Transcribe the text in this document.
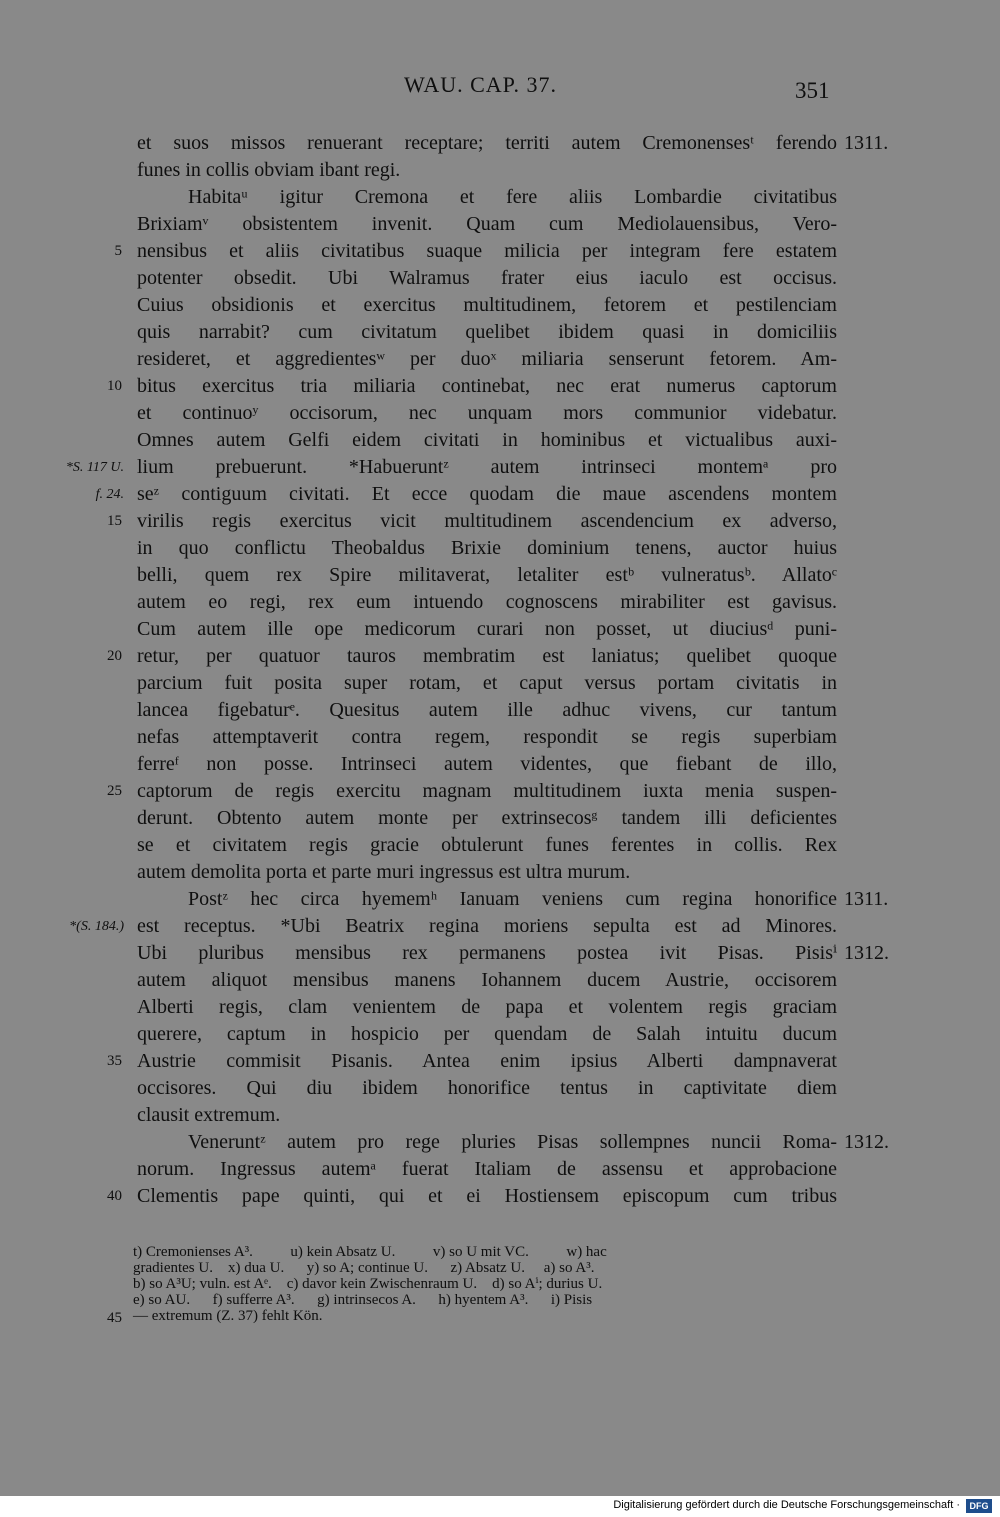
WAU. CAP. 37.	351
et suos missos renuerant receptare; territi autem Cremonensesᵗ ferendo
funes in collis obviam ibant regi.
Habitaᵘ igitur Cremona et fere aliis Lombardie civitatibus
Brixiamᵛ obsistentem invenit. Quam cum Mediolauensibus, Vero-
nensibus et aliis civitatibus suaque milicia per integram fere estatem
potenter obsedit. Ubi Walramus frater eius iaculo est occisus.
Cuius obsidionis et exercitus multitudinem, fetorem et pestilenciam
quis narrabit? cum civitatum quelibet ibidem quasi in domiciliis
resideret, et aggredientesʷ per duoˣ miliaria senserunt fetorem. Am-
bitus exercitus tria miliaria continebat, nec erat numerus captorum
et continuoʸ occisorum, nec unquam mors communior videbatur.
Omnes autem Gelfi eidem civitati in hominibus et victualibus auxi-
lium prebuerunt. *Habueruntᶻ autem intrinseci montemᵃ pro
seᶻ contiguum civitati. Et ecce quodam die maue ascendens montem
virilis regis exercitus vicit multitudinem ascendencium ex adverso,
in quo conflictu Theobaldus Brixie dominium tenens, auctor huius
belli, quem rex Spire militaverat, letaliter estᵇ vulneratusᵇ. Allatoᶜ
autem eo regi, rex eum intuendo cognoscens mirabiliter est gavisus.
Cum autem ille ope medicorum curari non posset, ut diuciusᵈ puni-
retur, per quatuor tauros membratim est laniatus; quelibet quoque
parcium fuit posita super rotam, et caput versus portam civitatis in
lancea figebaturᵉ. Quesitus autem ille adhuc vivens, cur tantum
nefas attemptaverit contra regem, respondit se regis superbiam
ferreᶠ non posse. Intrinseci autem videntes, que fiebant de illo,
captorum de regis exercitu magnam multitudinem iuxta menia suspen-
derunt. Obtento autem monte per extrinsecosᵍ tandem illi deficientes
se et civitatem regis gracie obtulerunt funes ferentes in collis. Rex
autem demolita porta et parte muri ingressus est ultra murum.
Postᶻ hec circa hyememʰ Ianuam veniens cum regina honorifice
est receptus. *Ubi Beatrix regina moriens sepulta est ad Minores.
Ubi pluribus mensibus rex permanens postea ivit Pisas. Pisisⁱ
autem aliquot mensibus manens Iohannem ducem Austrie, occisorem
Alberti regis, clam venientem de papa et volentem regis graciam
querere, captum in hospicio per quendam de Salah intuitu ducum
Austrie commisit Pisanis. Antea enim ipsius Alberti dampnaverat
occisores. Qui diu ibidem honorifice tentus in captivitate diem
clausit extremum.
Veneruntᶻ autem pro rege pluries Pisas sollempnes nuncii Roma-
norum. Ingressus autemᵃ fuerat Italiam de assensu et approbacione
Clementis pape quinti, qui et ei Hostiensem episcopum cum tribus
5
10
15
20
25
35
40
*S. 117 U.
f. 24.
*(S. 184.)
1311.
1311.
1312.
1312.
t) Cremonienses A³.          u) kein Absatz U.          v) so U mit VC.          w) hac
gradientes U.    x) dua U.      y) so A; continue U.      z) Absatz U.     a) so A³.
b) so A³U; vuln. est Aᵉ.    c) davor kein Zwischenraum U.    d) so Aⁱ; durius U.
e) so AU.      f) sufferre A³.      g) intrinsecos A.      h) hyentem A³.      i) Pisis
— extremum (Z. 37) fehlt Kön.
45
Digitalisierung gefördert durch die Deutsche Forschungsgemeinschaft ·	DFG
